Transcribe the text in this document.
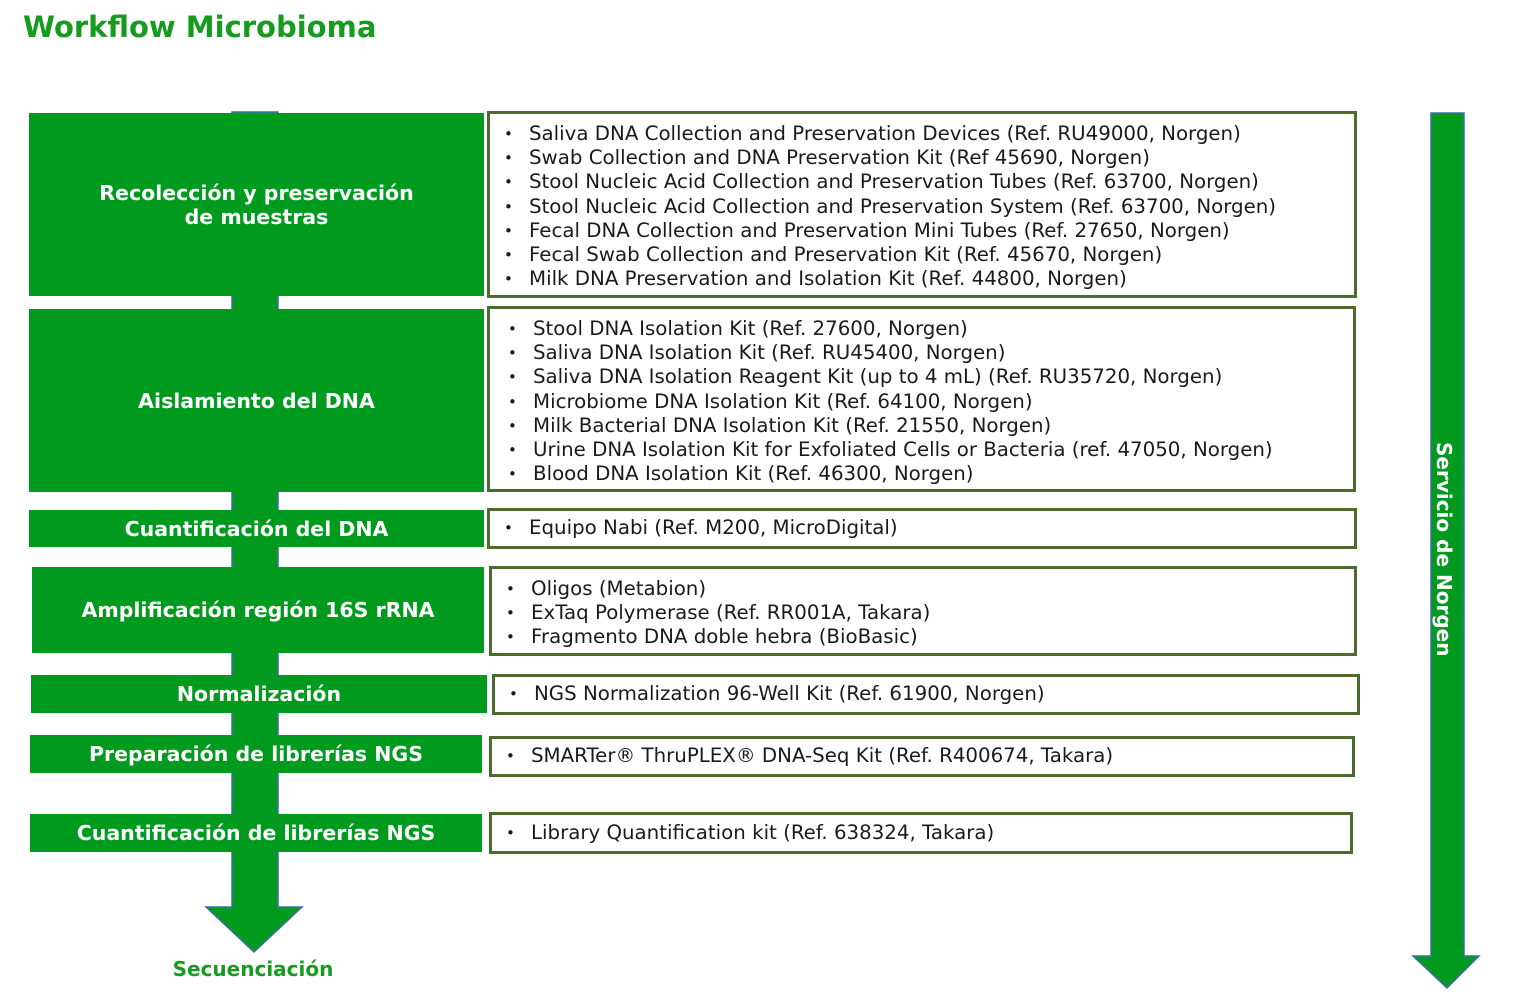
Workflow Microbioma
Recolección y preservación
de muestras
• Saliva DNA Collection and Preservation Devices (Ref. RU49000, Norgen)
• Swab Collection and DNA Preservation Kit (Ref 45690, Norgen)
• Stool Nucleic Acid Collection and Preservation Tubes (Ref. 63700, Norgen)
• Stool Nucleic Acid Collection and Preservation System (Ref. 63700, Norgen)
• Fecal DNA Collection and Preservation Mini Tubes (Ref. 27650, Norgen)
• Fecal Swab Collection and Preservation Kit (Ref. 45670, Norgen)
• Milk DNA Preservation and Isolation Kit (Ref. 44800, Norgen)
Aislamiento del DNA
• Stool DNA Isolation Kit (Ref. 27600, Norgen)
• Saliva DNA Isolation Kit (Ref. RU45400, Norgen)
• Saliva DNA Isolation Reagent Kit (up to 4 mL) (Ref. RU35720, Norgen)
• Microbiome DNA Isolation Kit (Ref. 64100, Norgen)
• Milk Bacterial DNA Isolation Kit (Ref. 21550, Norgen)
• Urine DNA Isolation Kit for Exfoliated Cells or Bacteria (ref. 47050, Norgen)
• Blood DNA Isolation Kit (Ref. 46300, Norgen)
Cuantificación del DNA	• Equipo Nabi (Ref. M200, MicroDigital)
Amplificación región 16S rRNA
• Oligos (Metabion)
• ExTaq Polymerase (Ref. RR001A, Takara)
• Fragmento DNA doble hebra (BioBasic)
Normalización	• NGS Normalization 96-Well Kit (Ref. 61900, Norgen)
Preparación de librerías NGS	• SMARTer® ThruPLEX® DNA-Seq Kit (Ref. R400674, Takara)
Cuantificación de librerías NGS	• Library Quantification kit (Ref. 638324, Takara)
Secuenciación
Servicio de Norgen
